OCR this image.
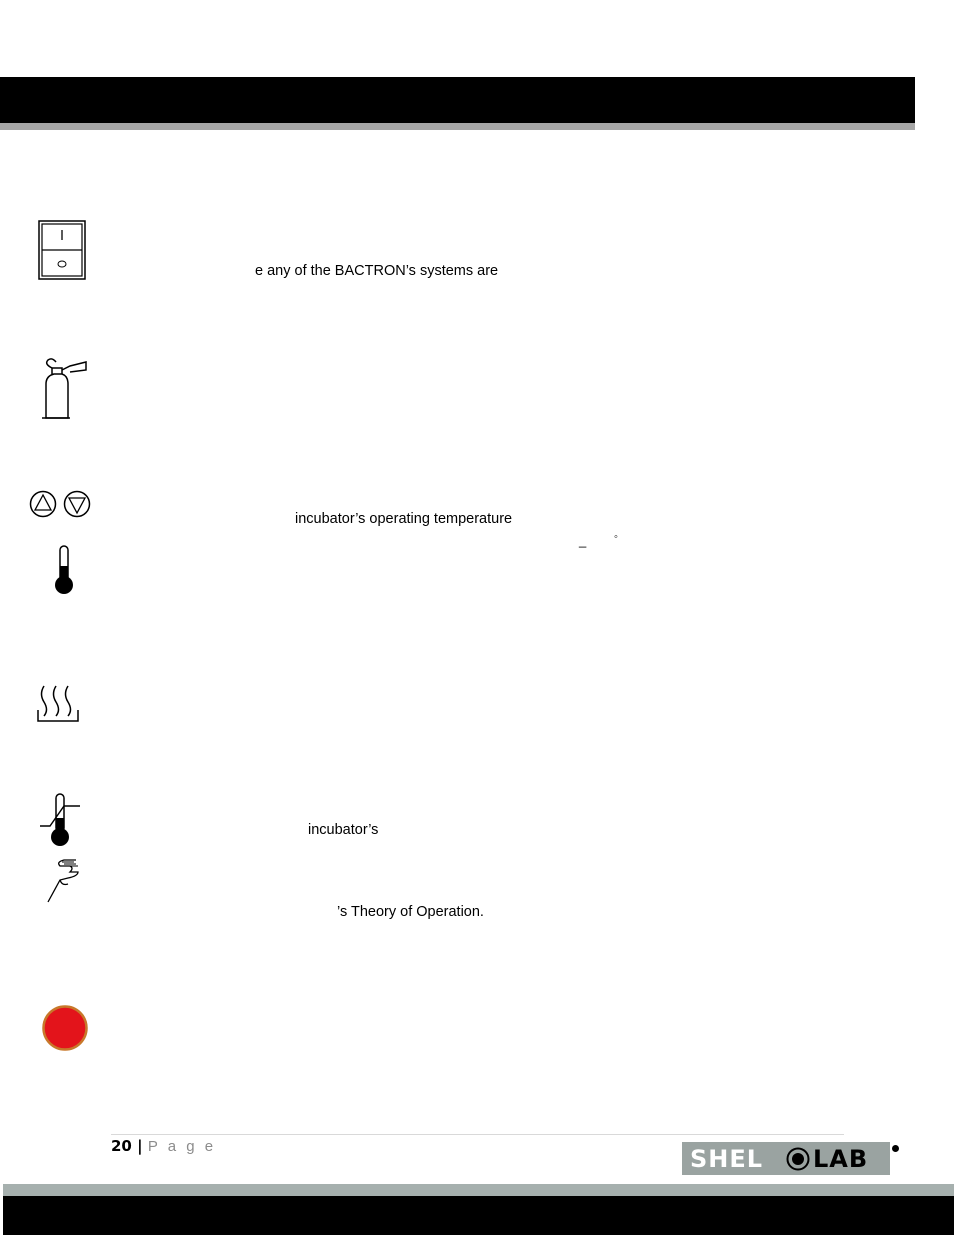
e any of the BACTRON’s systems are
incubator’s operating temperature
_	◦
incubator’s
’s Theory of Operation.
20 | P a g e	SHEL LAB
